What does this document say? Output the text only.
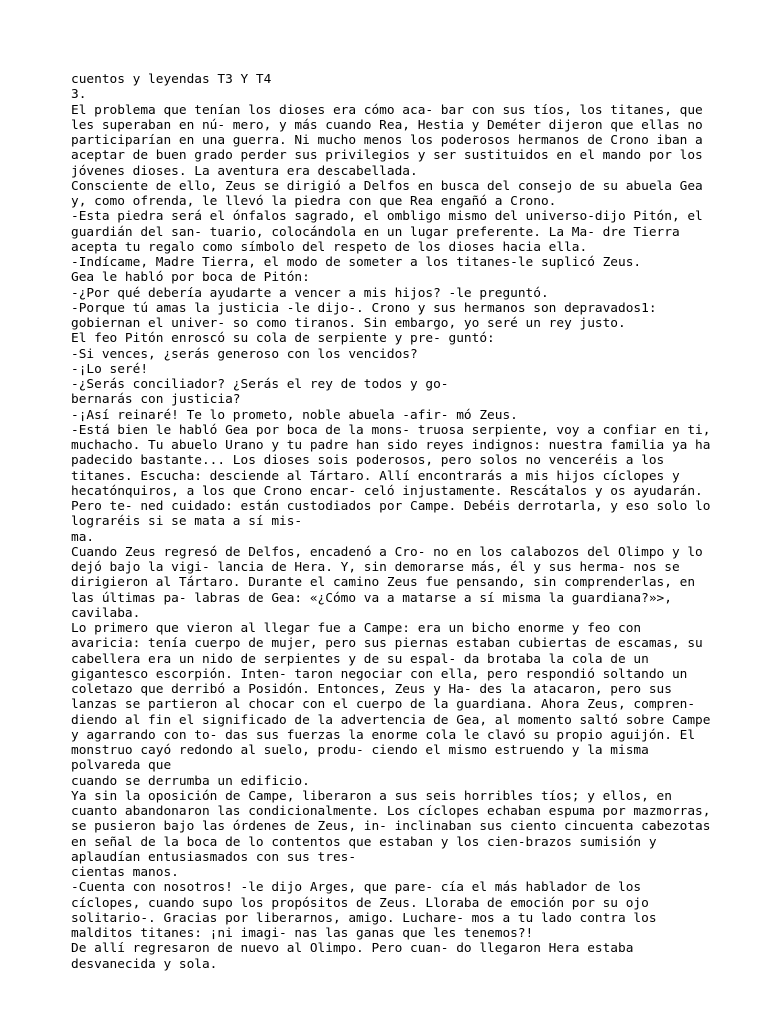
cuentos y leyendas T3 Y T4
3.
El problema que tenían los dioses era cómo aca- bar con sus tíos, los titanes, que
les superaban en nú- mero, y más cuando Rea, Hestia y Deméter dijeron que ellas no
participarían en una guerra. Ni mucho menos los poderosos hermanos de Crono iban a
aceptar de buen grado perder sus privilegios y ser sustituidos en el mando por los
jóvenes dioses. La aventura era descabellada.
Consciente de ello, Zeus se dirigió a Delfos en busca del consejo de su abuela Gea
y, como ofrenda, le llevó la piedra con que Rea engañó a Crono.
-Esta piedra será el ónfalos sagrado, el ombligo mismo del universo-dijo Pitón, el
guardián del san- tuario, colocándola en un lugar preferente. La Ma- dre Tierra
acepta tu regalo como símbolo del respeto de los dioses hacia ella.
-Indícame, Madre Tierra, el modo de someter a los titanes-le suplicó Zeus.
Gea le habló por boca de Pitón:
-¿Por qué debería ayudarte a vencer a mis hijos? -le preguntó.
-Porque tú amas la justicia -le dijo-. Crono y sus hermanos son depravados1:
gobiernan el univer- so como tiranos. Sin embargo, yo seré un rey justo.
El feo Pitón enroscó su cola de serpiente y pre- guntó:
-Si vences, ¿serás generoso con los vencidos?
-¡Lo seré!
-¿Serás conciliador? ¿Serás el rey de todos y go-
bernarás con justicia?
-¡Así reinaré! Te lo prometo, noble abuela -afir- mó Zeus.
-Está bien le habló Gea por boca de la mons- truosa serpiente, voy a confiar en ti,
muchacho. Tu abuelo Urano y tu padre han sido reyes indignos: nuestra familia ya ha
padecido bastante... Los dioses sois poderosos, pero solos no venceréis a los
titanes. Escucha: desciende al Tártaro. Allí encontrarás a mis hijos cíclopes y
hecatónquiros, a los que Crono encar- celó injustamente. Rescátalos y os ayudarán.
Pero te- ned cuidado: están custodiados por Campe. Debéis derrotarla, y eso solo lo
lograréis si se mata a sí mis-
ma.
Cuando Zeus regresó de Delfos, encadenó a Cro- no en los calabozos del Olimpo y lo
dejó bajo la vigi- lancia de Hera. Y, sin demorarse más, él y sus herma- nos se
dirigieron al Tártaro. Durante el camino Zeus fue pensando, sin comprenderlas, en
las últimas pa- labras de Gea: «¿Cómo va a matarse a sí misma la guardiana?»>,
cavilaba.
Lo primero que vieron al llegar fue a Campe: era un bicho enorme y feo con
avaricia: tenía cuerpo de mujer, pero sus piernas estaban cubiertas de escamas, su
cabellera era un nido de serpientes y de su espal- da brotaba la cola de un
gigantesco escorpión. Inten- taron negociar con ella, pero respondió soltando un
coletazo que derribó a Posidón. Entonces, Zeus y Ha- des la atacaron, pero sus
lanzas se partieron al chocar con el cuerpo de la guardiana. Ahora Zeus, compren-
diendo al fin el significado de la advertencia de Gea, al momento saltó sobre Campe
y agarrando con to- das sus fuerzas la enorme cola le clavó su propio aguijón. El
monstruo cayó redondo al suelo, produ- ciendo el mismo estruendo y la misma
polvareda que
cuando se derrumba un edificio.
Ya sin la oposición de Campe, liberaron a sus seis horribles tíos; y ellos, en
cuanto abandonaron las condicionalmente. Los cíclopes echaban espuma por mazmorras,
se pusieron bajo las órdenes de Zeus, in- inclinaban sus ciento cincuenta cabezotas
en señal de la boca de lo contentos que estaban y los cien-brazos sumisión y
aplaudían entusiasmados con sus tres-
cientas manos.
-Cuenta con nosotros! -le dijo Arges, que pare- cía el más hablador de los
cíclopes, cuando supo los propósitos de Zeus. Lloraba de emoción por su ojo
solitario-. Gracias por liberarnos, amigo. Luchare- mos a tu lado contra los
malditos titanes: ¡ni imagi- nas las ganas que les tenemos?!
De allí regresaron de nuevo al Olimpo. Pero cuan- do llegaron Hera estaba
desvanecida y sola.
